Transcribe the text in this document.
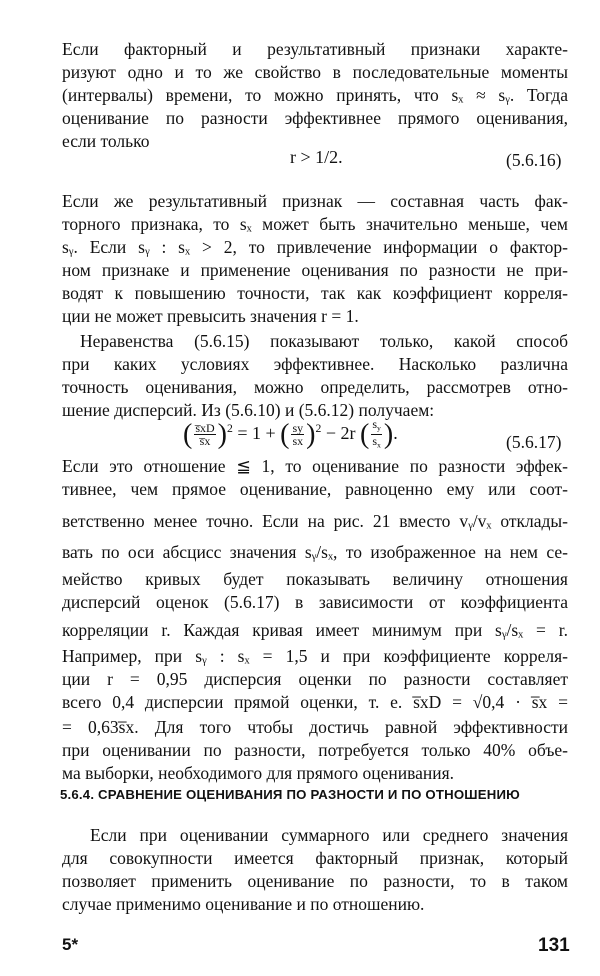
Если факторный и результативный признаки характе-
ризуют одно и то же свойство в последовательные моменты
(интервалы) времени, то можно принять, что sₓ ≈ sᵧ. Тогда
оценивание по разности эффективнее прямого оценивания,
если только
r > 1/2.	(5.6.16)
Если же результативный признак — составная часть фак-
торного признака, то sₓ может быть значительно меньше, чем
sᵧ. Если sᵧ : sₓ > 2, то привлечение информации о фактор-
ном признаке и применение оценивания по разности не при-
водят к повышению точности, так как коэффициент корреля-
ции не может превысить значения r = 1.
Неравенства (5.6.15) показывают только, какой способ
при каких условиях эффективнее. Насколько различна
точность оценивания, можно определить, рассмотрев отно-
шение дисперсий. Из (5.6.10) и (5.6.12) получаем:
( $\frac{s̅xD}{s̅x} )^2 = 1$ + ( $\frac{sy}{sx} )^2 - 2r$ ( $\frac{s_y}{s_x}$ ).	(5.6.17)
Если это отношение ≦ 1, то оценивание по разности эффек-
тивнее, чем прямое оценивание, равноценно ему или соот-
ветственно менее точно. Если на рис. 21 вместо vᵧ/vₓ отклады-
вать по оси абсцисс значения sᵧ/sₓ, то изображенное на нем се-
мейство кривых будет показывать величину отношения
дисперсий оценок (5.6.17) в зависимости от коэффициента
корреляции r. Каждая кривая имеет минимум при sᵧ/sₓ = r.
Например, при sᵧ : sₓ = 1,5 и при коэффициенте корреля-
ции r = 0,95 дисперсия оценки по разности составляет
всего 0,4 дисперсии прямой оценки, т. е. s̅xD = √0,4 · s̅x =
= 0,63s̅x. Для того чтобы достичь равной эффективности
при оценивании по разности, потребуется только 40% объе-
ма выборки, необходимого для прямого оценивания.
5.6.4. СРАВНЕНИЕ ОЦЕНИВАНИЯ ПО РАЗНОСТИ И ПО ОТНОШЕНИЮ
Если при оценивании суммарного или среднего значения
для совокупности имеется факторный признак, который
позволяет применить оценивание по разности, то в таком
случае применимо оценивание и по отношению.
5*	131
